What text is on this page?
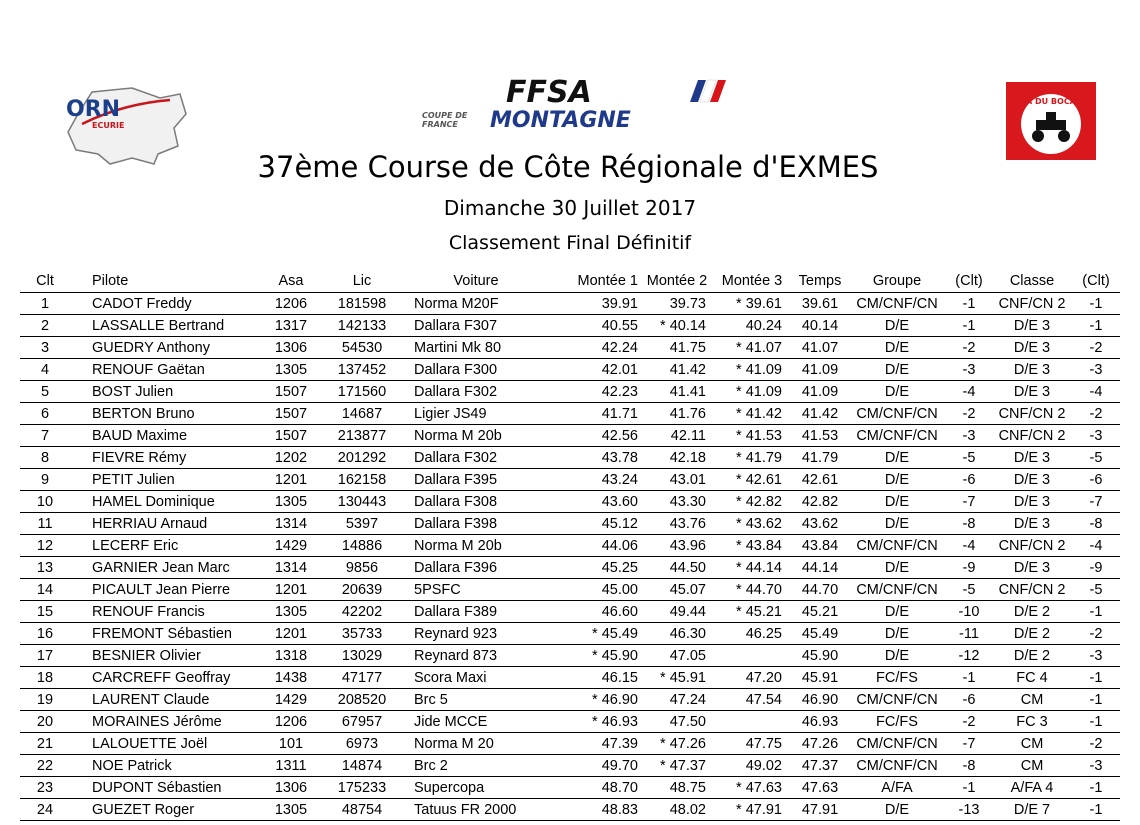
ORN
ECURIE
FFSA
COUPE DE
FRANCE MONTAGNE
ASA DU BOCAGE
37ème Course de Côte Régionale d'EXMES
Dimanche 30 Juillet 2017
Classement Final Définitif
Clt	Pilote	Asa	Lic	Voiture	Montée 1	Montée 2	Montée 3	Temps	Groupe	(Clt)	Classe	(Clt)
1	CADOT Freddy	1206	181598	Norma M20F	39.91	39.73	* 39.61	39.61	CM/CNF/CN	-1	CNF/CN 2	-1
2	LASSALLE Bertrand	1317	142133	Dallara F307	40.55	* 40.14	40.24	40.14	D/E	-1	D/E 3	-1
3	GUEDRY Anthony	1306	54530	Martini Mk 80	42.24	41.75	* 41.07	41.07	D/E	-2	D/E 3	-2
4	RENOUF Gaëtan	1305	137452	Dallara F300	42.01	41.42	* 41.09	41.09	D/E	-3	D/E 3	-3
5	BOST Julien	1507	171560	Dallara F302	42.23	41.41	* 41.09	41.09	D/E	-4	D/E 3	-4
6	BERTON Bruno	1507	14687	Ligier JS49	41.71	41.76	* 41.42	41.42	CM/CNF/CN	-2	CNF/CN 2	-2
7	BAUD Maxime	1507	213877	Norma M 20b	42.56	42.11	* 41.53	41.53	CM/CNF/CN	-3	CNF/CN 2	-3
8	FIEVRE Rémy	1202	201292	Dallara F302	43.78	42.18	* 41.79	41.79	D/E	-5	D/E 3	-5
9	PETIT Julien	1201	162158	Dallara F395	43.24	43.01	* 42.61	42.61	D/E	-6	D/E 3	-6
10	HAMEL Dominique	1305	130443	Dallara F308	43.60	43.30	* 42.82	42.82	D/E	-7	D/E 3	-7
11	HERRIAU Arnaud	1314	5397	Dallara F398	45.12	43.76	* 43.62	43.62	D/E	-8	D/E 3	-8
12	LECERF Eric	1429	14886	Norma M 20b	44.06	43.96	* 43.84	43.84	CM/CNF/CN	-4	CNF/CN 2	-4
13	GARNIER Jean Marc	1314	9856	Dallara F396	45.25	44.50	* 44.14	44.14	D/E	-9	D/E 3	-9
14	PICAULT Jean Pierre	1201	20639	5PSFC	45.00	45.07	* 44.70	44.70	CM/CNF/CN	-5	CNF/CN 2	-5
15	RENOUF Francis	1305	42202	Dallara F389	46.60	49.44	* 45.21	45.21	D/E	-10	D/E 2	-1
16	FREMONT Sébastien	1201	35733	Reynard 923	* 45.49	46.30	46.25	45.49	D/E	-11	D/E 2	-2
17	BESNIER Olivier	1318	13029	Reynard 873	* 45.90	47.05		45.90	D/E	-12	D/E 2	-3
18	CARCREFF Geoffray	1438	47177	Scora Maxi	46.15	* 45.91	47.20	45.91	FC/FS	-1	FC 4	-1
19	LAURENT Claude	1429	208520	Brc 5	* 46.90	47.24	47.54	46.90	CM/CNF/CN	-6	CM	-1
20	MORAINES Jérôme	1206	67957	Jide MCCE	* 46.93	47.50		46.93	FC/FS	-2	FC 3	-1
21	LALOUETTE Joël	101	6973	Norma M 20	47.39	* 47.26	47.75	47.26	CM/CNF/CN	-7	CM	-2
22	NOE Patrick	1311	14874	Brc 2	49.70	* 47.37	49.02	47.37	CM/CNF/CN	-8	CM	-3
23	DUPONT Sébastien	1306	175233	Supercopa	48.70	48.75	* 47.63	47.63	A/FA	-1	A/FA 4	-1
24	GUEZET Roger	1305	48754	Tatuus FR 2000	48.83	48.02	* 47.91	47.91	D/E	-13	D/E 7	-1
